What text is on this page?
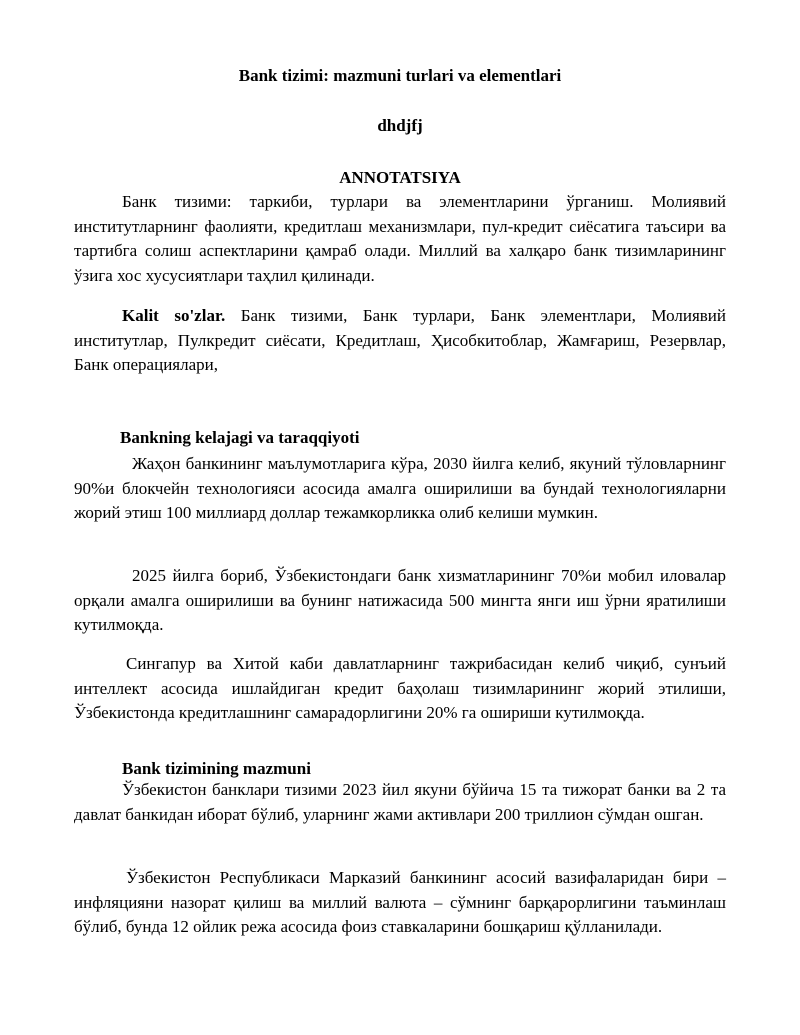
Bank tizimi: mazmuni turlari va elementlari
dhdjfj
ANNOTATSIYA

Банк тизими: таркиби, турлари ва элементларини ўрганиш. Молиявий институтларнинг фаолияти, кредитлаш механизмлари, пул-кредит сиёсатига таъсири ва тартибга солиш аспектларини қамраб олади. Миллий ва халқаро банк тизимларининг ўзига хос хусусиятлари таҳлил қилинади.

Kalit so'zlar. Банк тизими, Банк турлари, Банк элементлари, Молиявий институтлар, Пулкредит сиёсати, Кредитлаш, Ҳисобкитоблар, Жамғариш, Резервлар, Банк операциялари,

Bankning kelajagi va taraqqiyoti

Жаҳон банкининг маълумотларига кўра, 2030 йилга келиб, якуний тўловларнинг 90%и блокчейн технологияси асосида амалга оширилиши ва бундай технологияларни жорий этиш 100 миллиард доллар тежамкорликка олиб келиши мумкин.

2025 йилга бориб, Ўзбекистондаги банк хизматларининг 70%и мобил иловалар орқали амалга оширилиши ва бунинг натижасида 500 мингта янги иш ўрни яратилиши кутилмоқда.

Сингапур ва Хитой каби давлатларнинг тажрибасидан келиб чиқиб, сунъий интеллект асосида ишлайдиган кредит баҳолаш тизимларининг жорий этилиши, Ўзбекистонда кредитлашнинг самарадорлигини 20% га ошириши кутилмоқда.

Bank tizimining mazmuni

Ўзбекистон банклари тизими 2023 йил якуни бўйича 15 та тижорат банки ва 2 та давлат банкидан иборат бўлиб, уларнинг жами активлари 200 триллион сўмдан ошган.

Ўзбекистон Республикаси Марказий банкининг асосий вазифаларидан бири – инфляцияни назорат қилиш ва миллий валюта – сўмнинг барқарорлигини таъминлаш бўлиб, бунда 12 ойлик режа асосида фоиз ставкаларини бошқариш қўлланилади.
